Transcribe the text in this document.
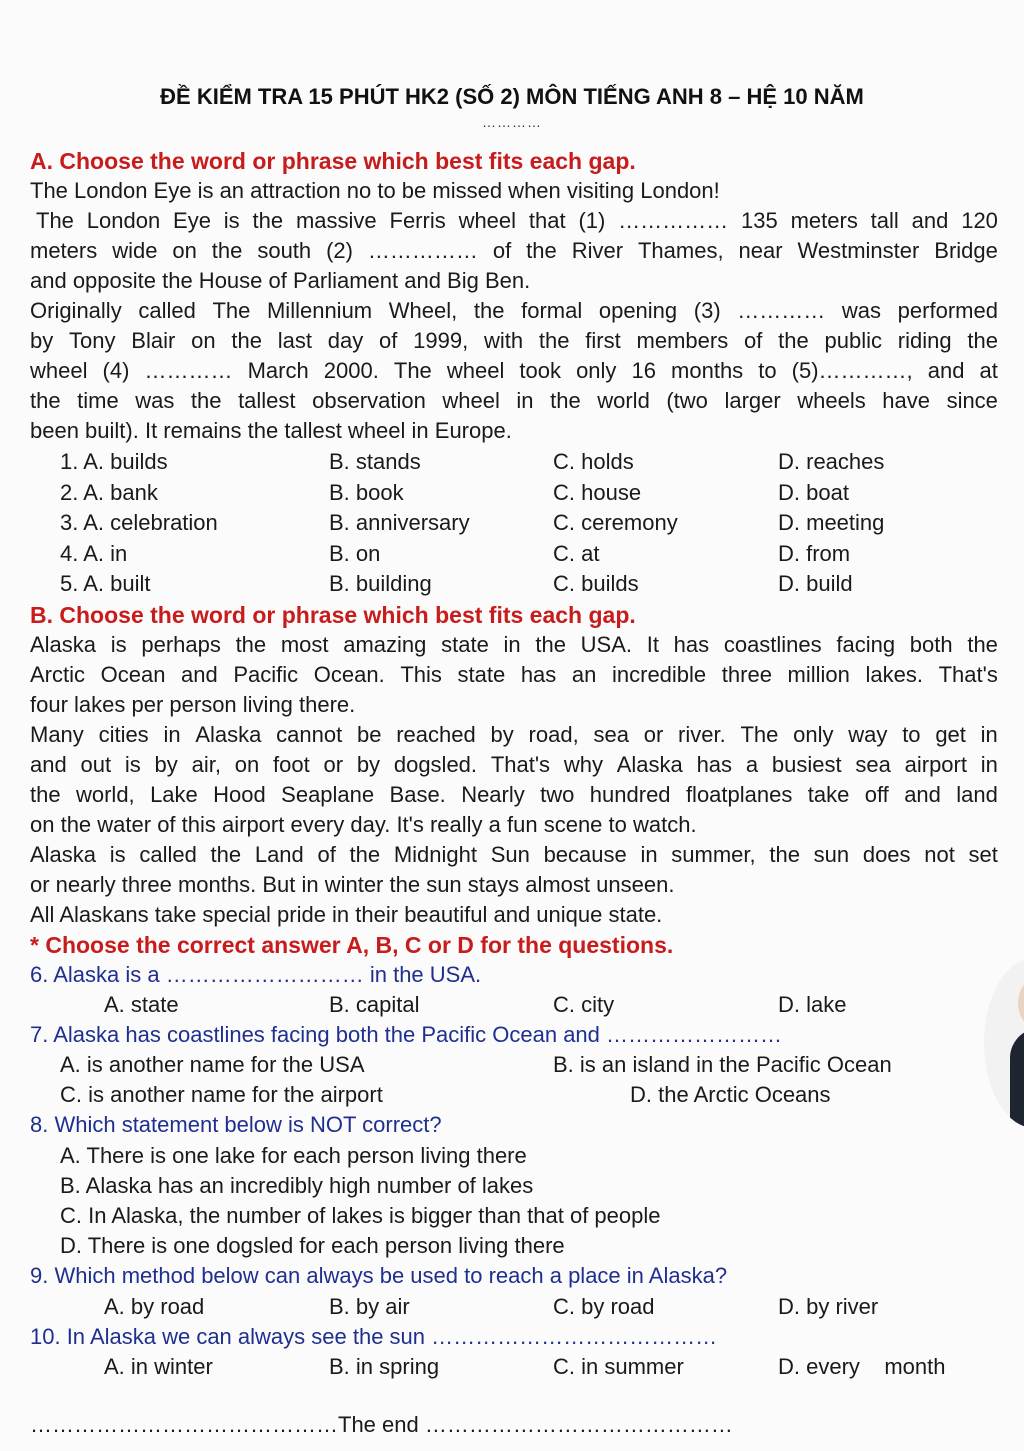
ĐỀ KIỂM TRA 15 PHÚT HK2 (SỐ 2) MÔN TIẾNG ANH 8 – HỆ 10 NĂM
…………
A. Choose the word or phrase which best fits each gap.
The London Eye is an attraction no to be missed when visiting London!
The London Eye is the massive Ferris wheel that (1) …………… 135 meters tall and 120
meters wide on the south (2) …………… of the River Thames, near Westminster Bridge
and opposite the House of Parliament and Big Ben.
Originally called The Millennium Wheel, the formal opening (3) ………… was performed
by Tony Blair on the last day of 1999, with the first members of the public riding the
wheel (4) ………… March 2000. The wheel took only 16 months to (5)…………, and at
the time was the tallest observation wheel in the world (two larger wheels have since
been built). It remains the tallest wheel in Europe.
1. A. builds	B. stands	C. holds	D. reaches
2. A. bank	B. book	C. house	D. boat
3. A. celebration	B. anniversary	C. ceremony	D. meeting
4. A. in	B. on	C. at	D. from
5. A. built	B. building	C. builds	D. build
B. Choose the word or phrase which best fits each gap.
Alaska is perhaps the most amazing state in the USA. It has coastlines facing both the
Arctic Ocean and Pacific Ocean. This state has an incredible three million lakes. That's
four lakes per person living there.
Many cities in Alaska cannot be reached by road, sea or river. The only way to get in
and out is by air, on foot or by dogsled. That's why Alaska has a busiest sea airport in
the world, Lake Hood Seaplane Base. Nearly two hundred floatplanes take off and land
on the water of this airport every day. It's really a fun scene to watch.
Alaska is called the Land of the Midnight Sun because in summer, the sun does not set
or nearly three months. But in winter the sun stays almost unseen.
All Alaskans take special pride in their beautiful and unique state.
* Choose the correct answer A, B, C or D for the questions.
6. Alaska is a ……………………… in the USA.
A. state	B. capital	C. city	D. lake
7. Alaska has coastlines facing both the Pacific Ocean and ……………………
A. is another name for the USA	B. is an island in the Pacific Ocean
C. is another name for the airport	D. the Arctic Oceans
8. Which statement below is NOT correct?
A. There is one lake for each person living there
B. Alaska has an incredibly high number of lakes
C. In Alaska, the number of lakes is bigger than that of people
D. There is one dogsled for each person living there
9. Which method below can always be used to reach a place in Alaska?
A. by road	B. by air	C. by road	D. by river
10. In Alaska we can always see the sun …………………………………
A. in winter	B. in spring	C. in summer	D. every    month
……………………………………The end ……………………………………
